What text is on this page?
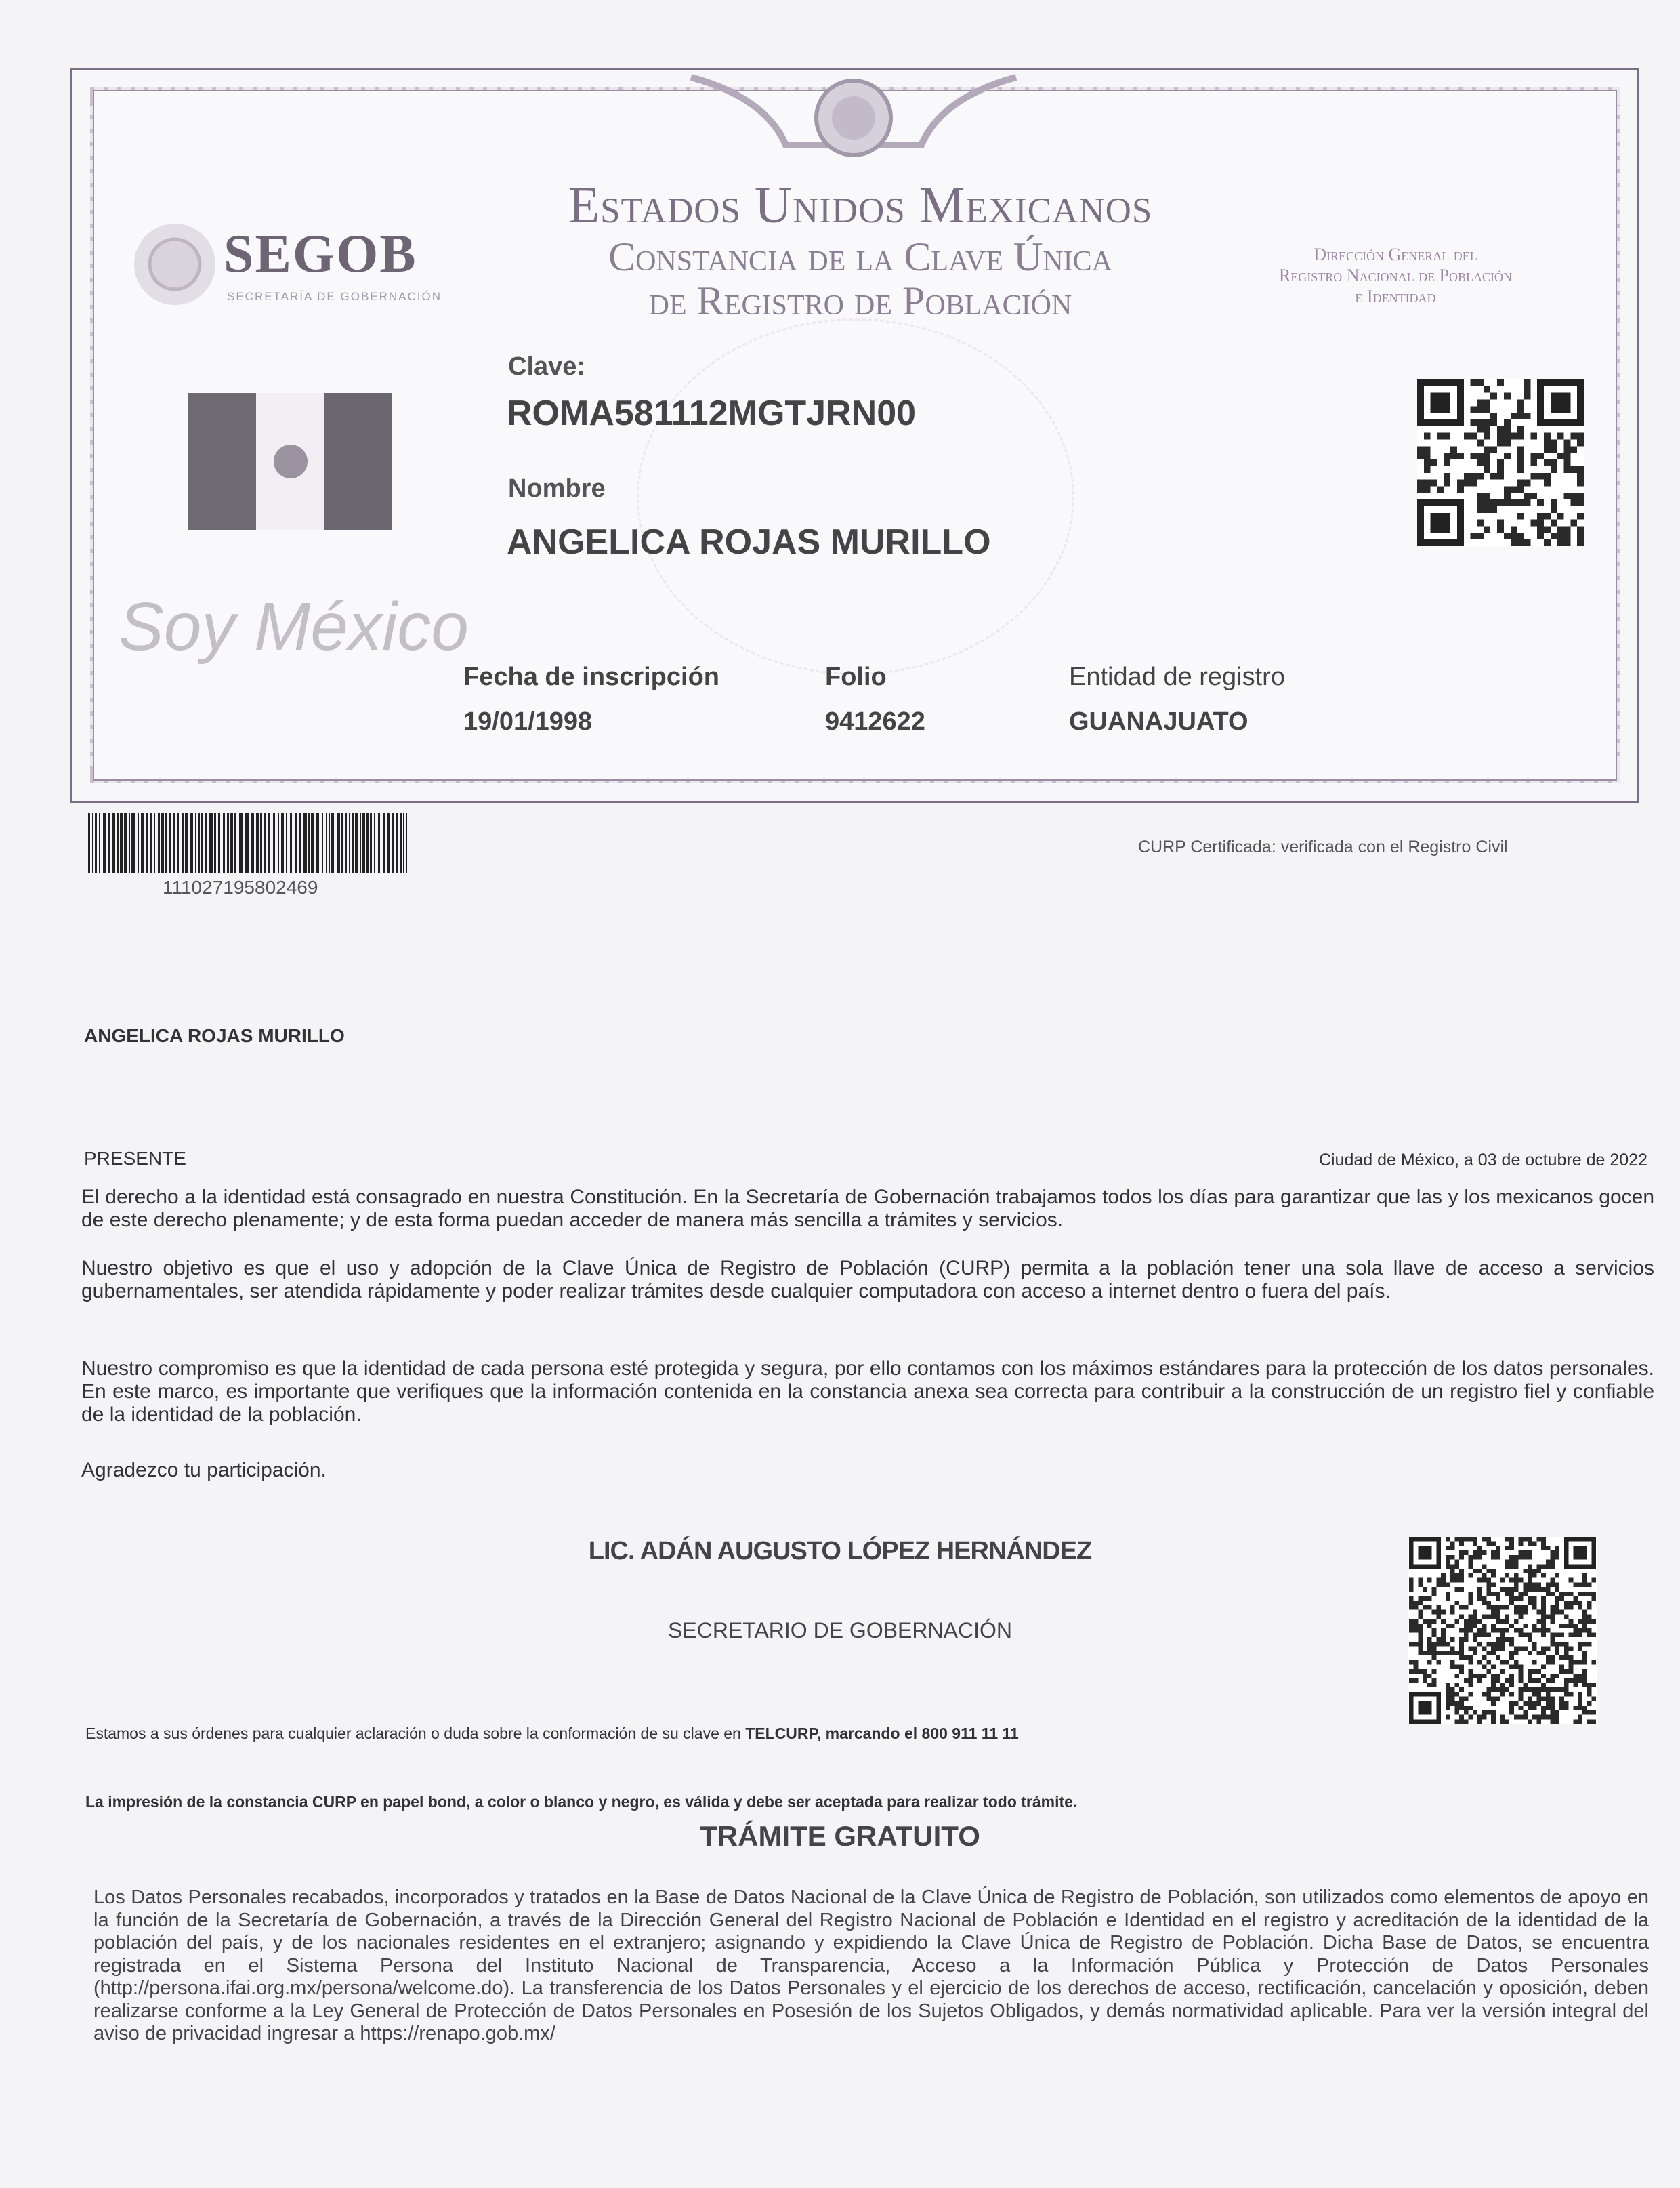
Estados Unidos Mexicanos
Constancia de la Clave Única
de Registro de Población
SEGOB
SECRETARÍA DE GOBERNACIÓN
Dirección General del
Registro Nacional de Población
e Identidad
Soy México
Clave:
ROMA581112MGTJRN00
Nombre
ANGELICA ROJAS MURILLO
Fecha de inscripción
19/01/1998
Folio
9412622
Entidad de registro
GUANAJUATO
111027195802469
CURP Certificada: verificada con el Registro Civil
ANGELICA ROJAS MURILLO
PRESENTE	Ciudad de México, a 03 de octubre de 2022
El derecho a la identidad está consagrado en nuestra Constitución. En la Secretaría de Gobernación trabajamos todos los días para garantizar que las y los mexicanos gocen de este derecho plenamente; y de esta forma puedan acceder de manera más sencilla a trámites y servicios.
Nuestro objetivo es que el uso y adopción de la Clave Única de Registro de Población (CURP) permita a la población tener una sola llave de acceso a servicios gubernamentales, ser atendida rápidamente y poder realizar trámites desde cualquier computadora con acceso a internet dentro o fuera del país.
Nuestro compromiso es que la identidad de cada persona esté protegida y segura, por ello contamos con los máximos estándares para la protección de los datos personales. En este marco, es importante que verifiques que la información contenida en la constancia anexa sea correcta para contribuir a la construcción de un registro fiel y confiable de la identidad de la población.
Agradezco tu participación.
LIC. ADÁN AUGUSTO LÓPEZ HERNÁNDEZ
SECRETARIO DE GOBERNACIÓN
Estamos a sus órdenes para cualquier aclaración o duda sobre la conformación de su clave en TELCURP, marcando el 800 911 11 11
La impresión de la constancia CURP en papel bond, a color o blanco y negro, es válida y debe ser aceptada para realizar todo trámite.
TRÁMITE GRATUITO
Los Datos Personales recabados, incorporados y tratados en la Base de Datos Nacional de la Clave Única de Registro de Población, son utilizados como elementos de apoyo en la función de la Secretaría de Gobernación, a través de la Dirección General del Registro Nacional de Población e Identidad en el registro y acreditación de la identidad de la población del país, y de los nacionales residentes en el extranjero; asignando y expidiendo la Clave Única de Registro de Población. Dicha Base de Datos, se encuentra registrada en el Sistema Persona del Instituto Nacional de Transparencia, Acceso a la Información Pública y Protección de Datos Personales (http://persona.ifai.org.mx/persona/welcome.do). La transferencia de los Datos Personales y el ejercicio de los derechos de acceso, rectificación, cancelación y oposición, deben realizarse conforme a la Ley General de Protección de Datos Personales en Posesión de los Sujetos Obligados, y demás normatividad aplicable. Para ver la versión integral del aviso de privacidad ingresar a https://renapo.gob.mx/
